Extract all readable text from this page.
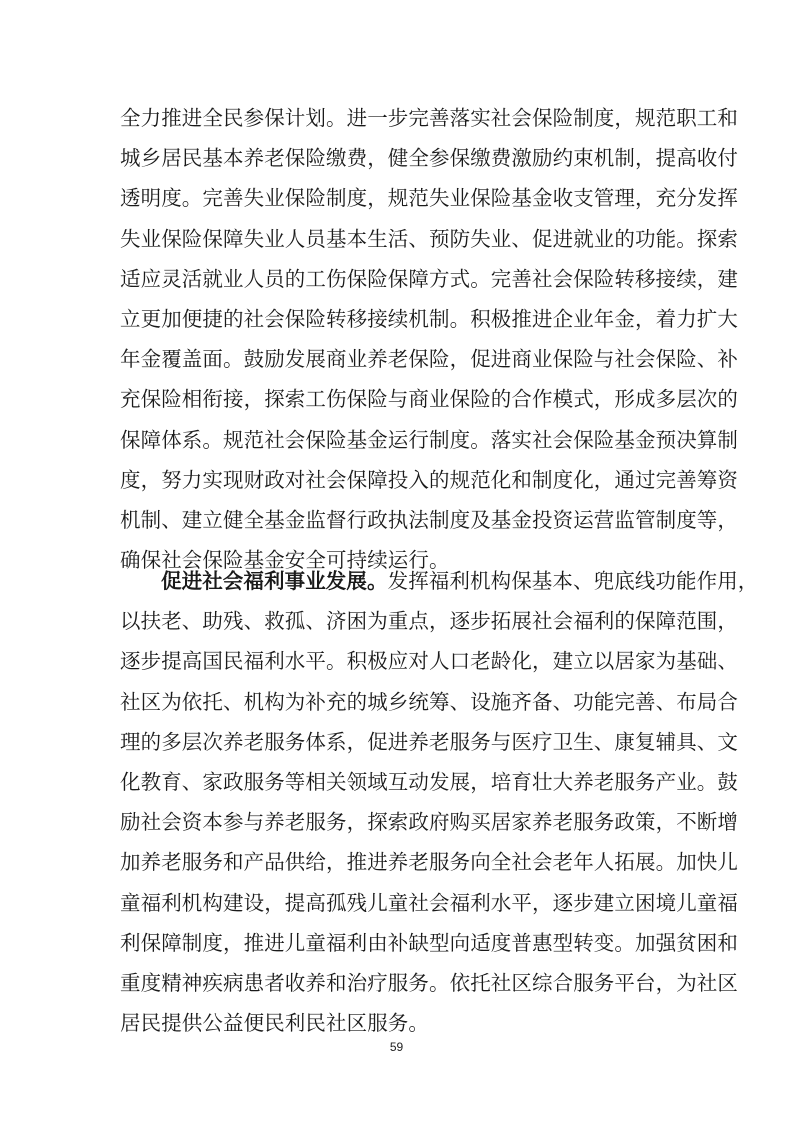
全力推进全民参保计划。进一步完善落实社会保险制度，规范职工和
城乡居民基本养老保险缴费，健全参保缴费激励约束机制，提高收付
透明度。完善失业保险制度，规范失业保险基金收支管理，充分发挥
失业保险保障失业人员基本生活、预防失业、促进就业的功能。探索
适应灵活就业人员的工伤保险保障方式。完善社会保险转移接续，建
立更加便捷的社会保险转移接续机制。积极推进企业年金，着力扩大
年金覆盖面。鼓励发展商业养老保险，促进商业保险与社会保险、补
充保险相衔接，探索工伤保险与商业保险的合作模式，形成多层次的
保障体系。规范社会保险基金运行制度。落实社会保险基金预决算制
度，努力实现财政对社会保障投入的规范化和制度化，通过完善筹资
机制、建立健全基金监督行政执法制度及基金投资运营监管制度等，
确保社会保险基金安全可持续运行。
促进社会福利事业发展。发挥福利机构保基本、兜底线功能作用，
以扶老、助残、救孤、济困为重点，逐步拓展社会福利的保障范围，
逐步提高国民福利水平。积极应对人口老龄化，建立以居家为基础、
社区为依托、机构为补充的城乡统筹、设施齐备、功能完善、布局合
理的多层次养老服务体系，促进养老服务与医疗卫生、康复辅具、文
化教育、家政服务等相关领域互动发展，培育壮大养老服务产业。鼓
励社会资本参与养老服务，探索政府购买居家养老服务政策，不断增
加养老服务和产品供给，推进养老服务向全社会老年人拓展。加快儿
童福利机构建设，提高孤残儿童社会福利水平，逐步建立困境儿童福
利保障制度，推进儿童福利由补缺型向适度普惠型转变。加强贫困和
重度精神疾病患者收养和治疗服务。依托社区综合服务平台，为社区
居民提供公益便民利民社区服务。
59
